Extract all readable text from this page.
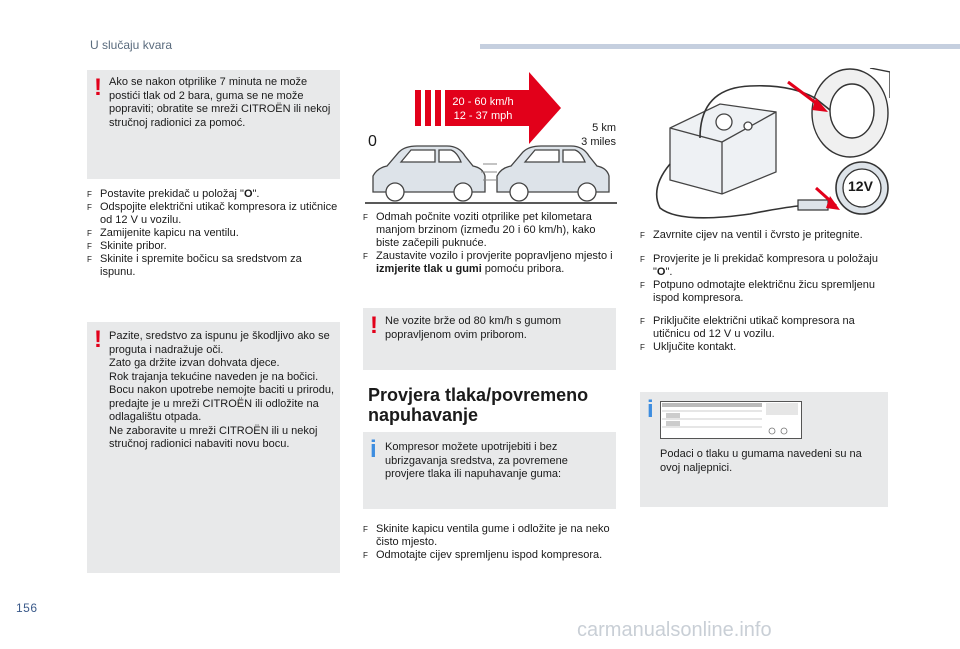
U slučaju kvara
! Ako se nakon otprilike 7 minuta ne može postići tlak od 2 bara, guma se ne može popraviti; obratite se mreži CITROËN ili nekoj stručnoj radionici za pomoć.

F Postavite prekidač u položaj "O".
F Odspojite električni utikač kompresora iz utičnice od 12 V u vozilu.
F Zamijenite kapicu na ventilu.
F Skinite pribor.
F Skinite i spremite bočicu sa sredstvom za ispunu.
! Pazite, sredstvo za ispunu je škodljivo ako se proguta i nadražuje oči.

Zato ga držite izvan dohvata djece.

Rok trajanja tekućine naveden je na bočici.

Bocu nakon upotrebe nemojte baciti u prirodu, predajte je u mreži CITROËN ili odložite na odlagalištu otpada.

Ne zaboravite u mreži CITROËN ili u nekoj stručnoj radionici nabaviti novu bocu.

20 - 60 km/h
12 - 37 mph
0
5 km
3 miles
F Odmah počnite voziti otprilike pet kilometara manjom brzinom (između 20 i 60 km/h), kako biste začepili puknuće.
F Zaustavite vozilo i provjerite popravljeno mjesto i izmjerite tlak u gumi pomoću pribora.
! Ne vozite brže od 80 km/h s gumom popravljenom ovim priborom.

Provjera tlaka/povremeno napuhavanje
i Kompresor možete upotrijebiti i bez ubrizgavanja sredstva, za povremene provjere tlaka ili napuhavanje guma:

F Skinite kapicu ventila gume i odložite je na neko čisto mjesto.
F Odmotajte cijev spremljenu ispod kompresora.
12V
F Zavrnite cijev na ventil i čvrsto je pritegnite.
F Provjerite je li prekidač kompresora u položaju "O".
F Potpuno odmotajte električnu žicu spremljenu ispod kompresora.
F Priključite električni utikač kompresora na utičnicu od 12 V u vozilu.
F Uključite kontakt.
i

Podaci o tlaku u gumama navedeni su na ovoj naljepnici.

156
carmanualsonline.info
